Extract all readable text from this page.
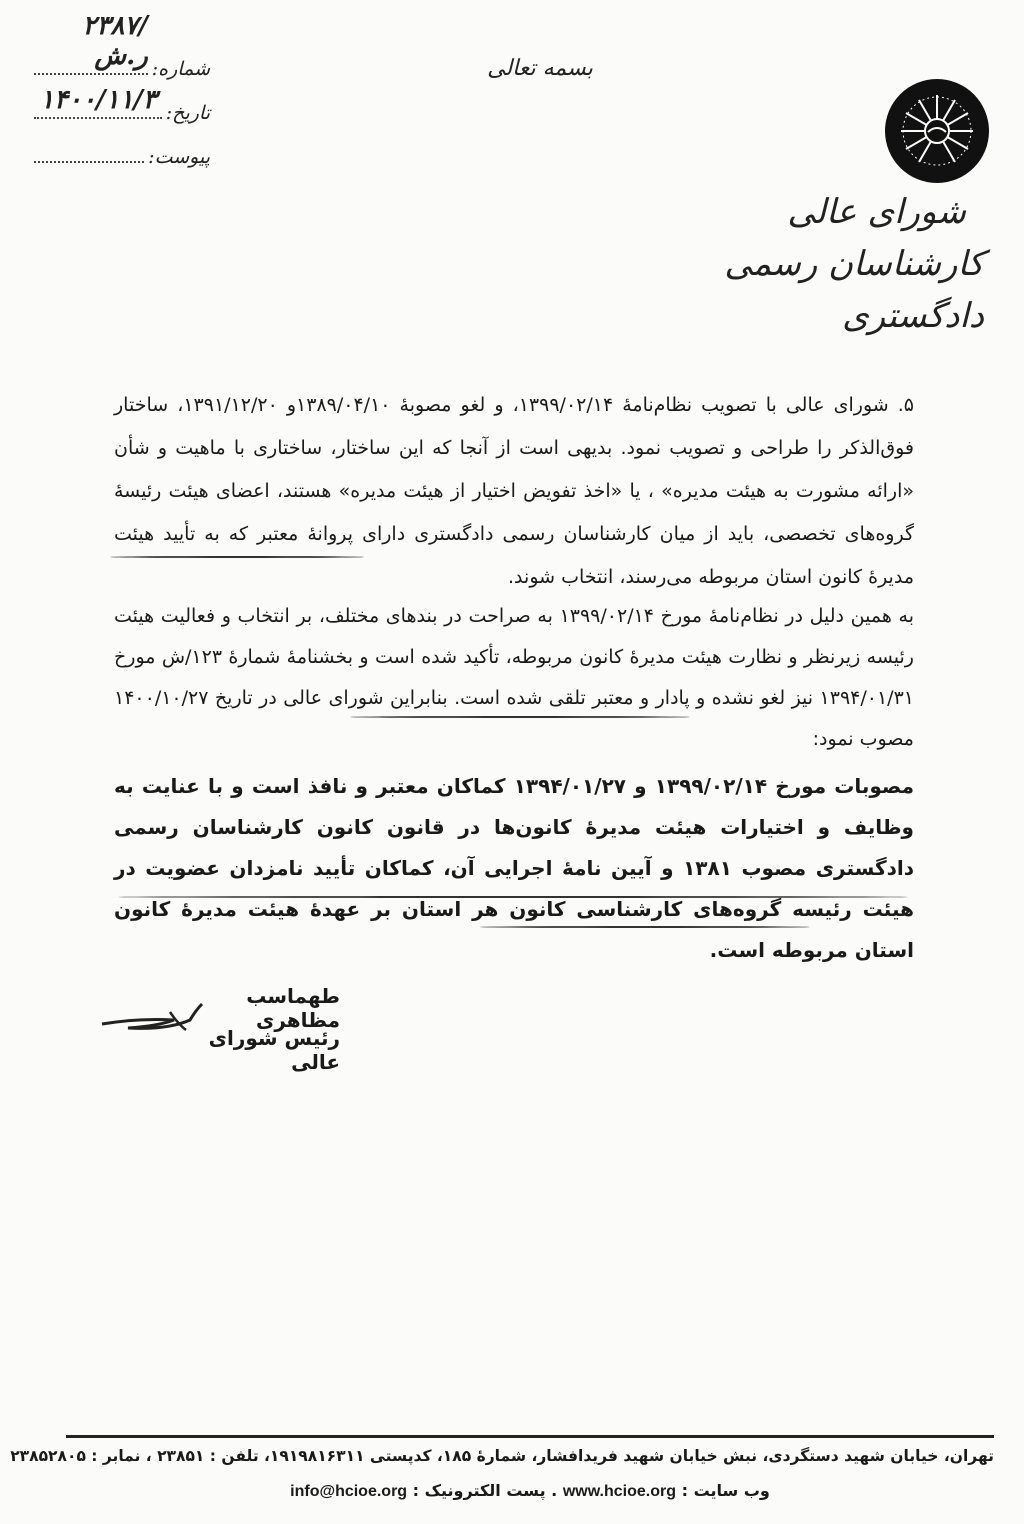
شماره:
۲۳۸۷/ر.ش
تاریخ:
۱۴۰۰/۱۱/۳
پیوست:
بسمه تعالی
شورای عالی
کارشناسان رسمی دادگستری
۵. شورای عالی با تصویب نظام‌نامهٔ ۱۳۹۹/۰۲/۱۴، و لغو مصوبهٔ ۱۳۸۹/۰۴/۱۰و ۱۳۹۱/۱۲/۲۰، ساختار فوق‌الذکر را طراحی و تصویب نمود. بدیهی است از آنجا که این ساختار، ساختاری با ماهیت و شأن «ارائه مشورت به هیئت مدیره» ، یا «اخذ تفویض اختیار از هیئت مدیره» هستند، اعضای هیئت رئیسهٔ گروه‌های تخصصی، باید از میان کارشناسان رسمی دادگستری دارای پروانهٔ معتبر که به تأیید هیئت مدیرهٔ کانون استان مربوطه می‌رسند، انتخاب شوند.
به همین دلیل در نظام‌نامهٔ مورخ ۱۳۹۹/۰۲/۱۴ به صراحت در بندهای مختلف، بر انتخاب و فعالیت هیئت رئیسه زیرنظر و نظارت هیئت مدیرهٔ کانون مربوطه، تأکید شده است و بخشنامهٔ شمارهٔ ۱۲۳/ش مورخ ۱۳۹۴/۰۱/۳۱ نیز لغو نشده و پادار و معتبر تلقی شده است. بنابراین شورای عالی در تاریخ ۱۴۰۰/۱۰/۲۷ مصوب نمود:
مصوبات مورخ ۱۳۹۹/۰۲/۱۴ و ۱۳۹۴/۰۱/۲۷ کماکان معتبر و نافذ است و با عنایت به وظایف و اختیارات هیئت مدیرهٔ کانون‌ها در قانون کانون کارشناسان رسمی دادگستری مصوب ۱۳۸۱ و آیین نامهٔ اجرایی آن، کماکان تأیید نامزدان عضویت در هیئت رئیسه گروه‌های کارشناسی کانون هر استان بر عهدهٔ هیئت مدیرهٔ کانون استان مربوطه است.
طهماسب مظاهری
رئیس شورای عالی
تهران، خیابان شهید دستگردی، نبش خیابان شهید فریدافشار، شمارهٔ ۱۸۵، کدپستی ۱۹۱۹۸۱۶۳۱۱، تلفن : ۲۳۸۵۱ ، نمابر : ۲۳۸۵۲۸۰۵
وب سایت : www.hcioe.org . پست الکترونیک : info@hcioe.org
